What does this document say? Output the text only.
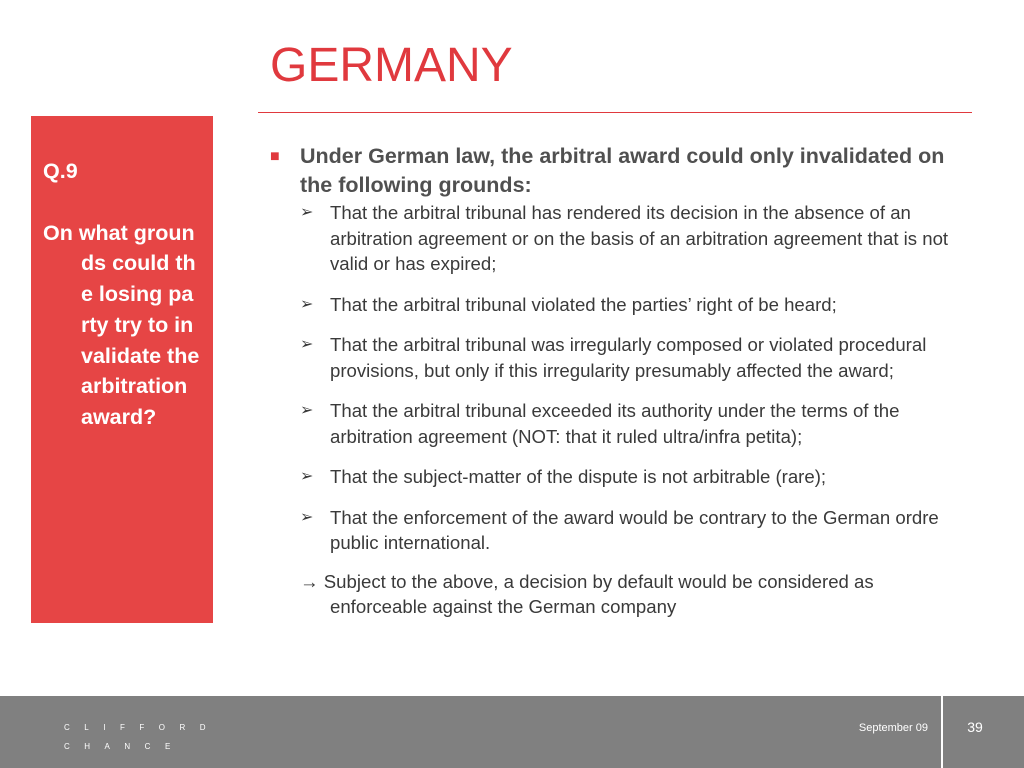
GERMANY
Q.9
On what grounds could the losing party try to invalidate the arbitration award?
■ Under German law, the arbitral award could only invalidated on the following grounds:
➢ That the arbitral tribunal has rendered its decision in the absence of an arbitration agreement or on the basis of an arbitration agreement that is not valid or has expired;
➢ That the arbitral tribunal violated the parties’ right of be heard;
➢ That the arbitral tribunal was irregularly composed or violated procedural provisions, but only if this irregularity presumably affected the award;
➢ That the arbitral tribunal exceeded its authority under the terms of the arbitration agreement (NOT: that it ruled ultra/infra petita);
➢ That the subject-matter of the dispute is not arbitrable (rare);
➢ That the enforcement of the award would be contrary to the German ordre public international.
→ Subject to the above, a decision by default would be considered as enforceable against the German company
CLIFFORD
CHANCE
September 09	39
